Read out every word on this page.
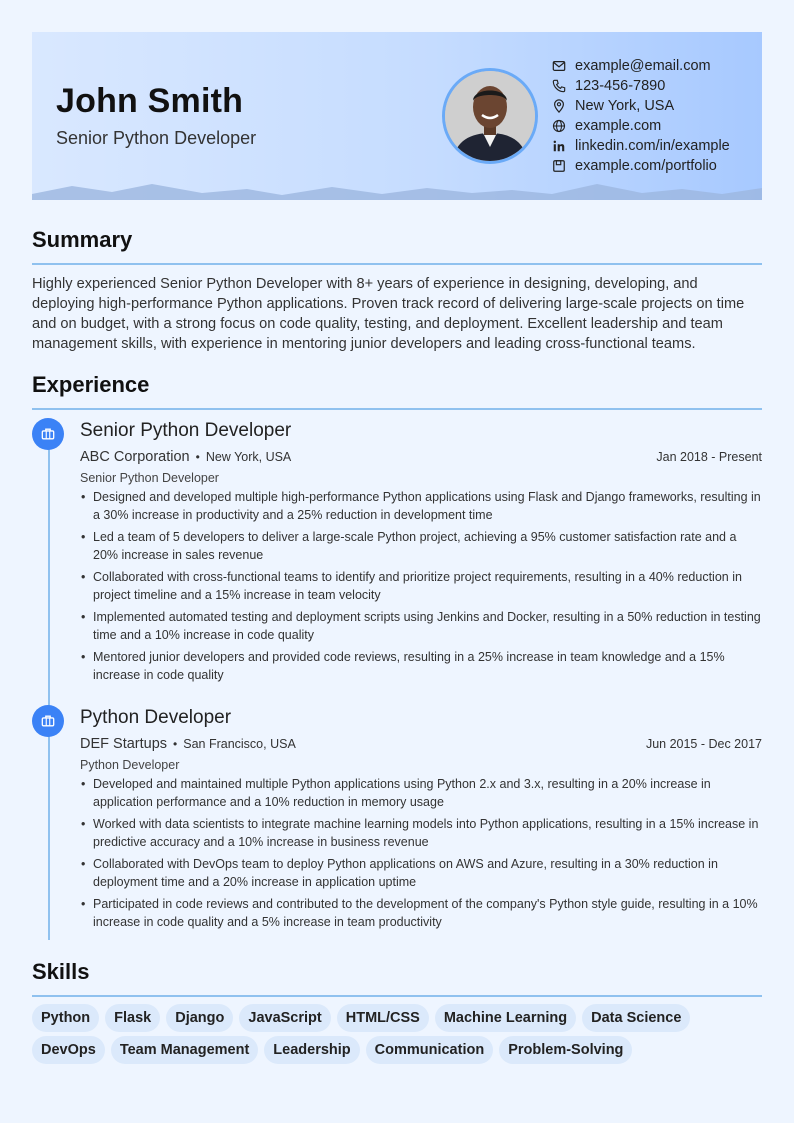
John Smith
Senior Python Developer
example@email.com
123-456-7890
New York, USA
example.com
linkedin.com/in/example
example.com/portfolio
Summary

Highly experienced Senior Python Developer with 8+ years of experience in designing, developing, and deploying high-performance Python applications. Proven track record of delivering large-scale projects on time and on budget, with a strong focus on code quality, testing, and deployment. Excellent leadership and team management skills, with experience in mentoring junior developers and leading cross-functional teams.

Experience
Senior Python Developer
ABC Corporation • New York, USA	Jan 2018 - Present
Senior Python Developer
• Designed and developed multiple high-performance Python applications using Flask and Django frameworks, resulting in a 30% increase in productivity and a 25% reduction in development time
• Led a team of 5 developers to deliver a large-scale Python project, achieving a 95% customer satisfaction rate and a 20% increase in sales revenue
• Collaborated with cross-functional teams to identify and prioritize project requirements, resulting in a 40% reduction in project timeline and a 15% increase in team velocity
• Implemented automated testing and deployment scripts using Jenkins and Docker, resulting in a 50% reduction in testing time and a 10% increase in code quality
• Mentored junior developers and provided code reviews, resulting in a 25% increase in team knowledge and a 15% increase in code quality
Python Developer
DEF Startups • San Francisco, USA	Jun 2015 - Dec 2017
Python Developer
• Developed and maintained multiple Python applications using Python 2.x and 3.x, resulting in a 20% increase in application performance and a 10% reduction in memory usage
• Worked with data scientists to integrate machine learning models into Python applications, resulting in a 15% increase in predictive accuracy and a 10% increase in business revenue
• Collaborated with DevOps team to deploy Python applications on AWS and Azure, resulting in a 30% reduction in deployment time and a 20% increase in application uptime
• Participated in code reviews and contributed to the development of the company's Python style guide, resulting in a 10% increase in code quality and a 5% increase in team productivity
Skills
Python Flask Django JavaScript HTML/CSS Machine Learning Data ScienceDevOps Team Management Leadership Communication Problem-Solving
